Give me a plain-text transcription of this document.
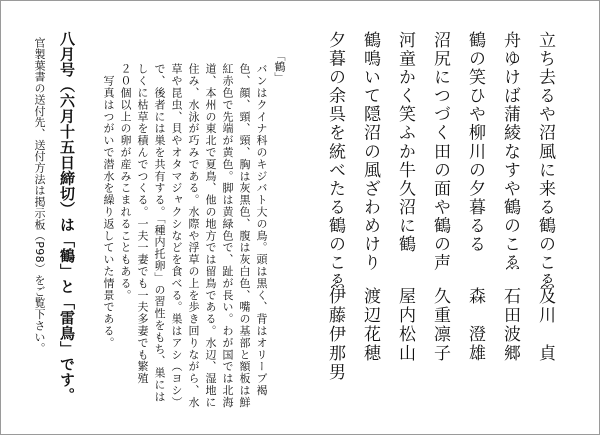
立ち去るや沼風に来る鶴のこゑ
舟ゆけば蒲綾なすや鶴のこゑ
鶴の笑ひや柳川の夕暮るる
沼尻につづく田の面や鶴の声
河童かく笑ふか牛久沼に鶴
鶴鳴いて隠沼の風ざわめけり
夕暮の余呉を統べたる鶴のこゑ
及川　貞
石田波郷
森　澄雄
久重凛子
屋内松山
渡辺花穂
伊藤伊那男
「鶴」
バンはクイナ科のキジバト大の鳥。頭は黒く、背はオリーブ褐
色、顔、頸、頸、胸は灰黒色、腹は灰白色、嘴の基部と額板は鮮
紅赤色で先端が黄色。脚は黄緑色で、趾が長い。わが国では北海
道、本州の東北で夏鳥、他の地方では留鳥である。水辺、湿地に
住み、水泳が巧みである。水際や浮草の上を歩き回りながら、水
草や昆虫、貝やオタマジャクシなどを食べる。巣はアシ（ヨシ）
で、後者には巣を共有する。「種内托卵」の習性をもち、巣には
しくに枯草を積んでつくる。一夫一妻でも一夫多妻でも繁殖
２０個以上の卵が産みこまれることもある。
　写真はつがいで潜水を繰り返していた情景である。
八月号（六月十五日締切）は「鶴」と「雷鳥」です。
官製葉書の送付先、送付方法は掲示板（P98）をご覧下さい。
